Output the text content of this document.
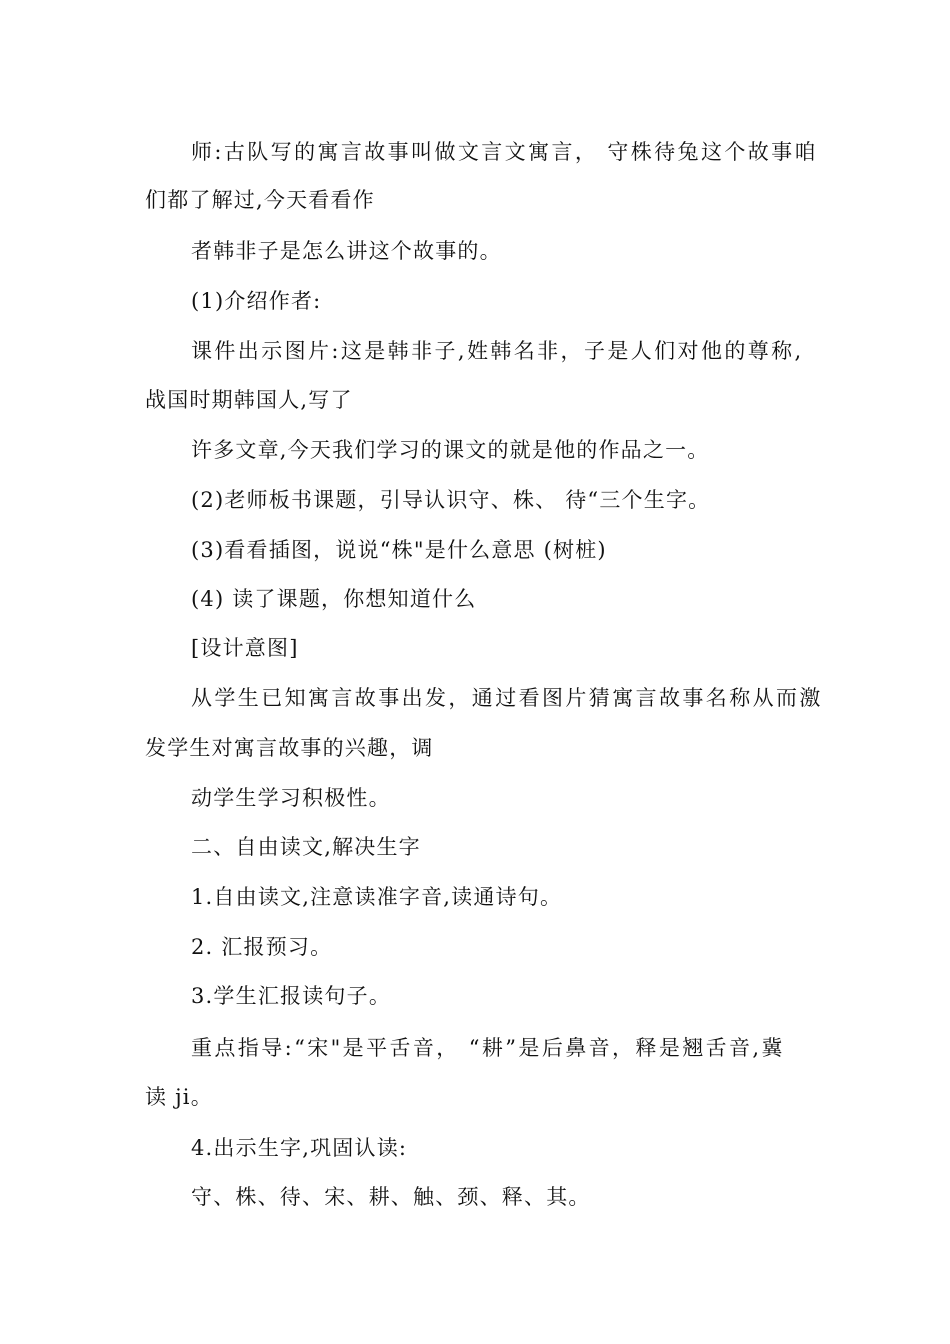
师:古队写的寓言故事叫做文言文寓言， 守株待兔这个故事咱
们都了解过,今天看看作
者韩非子是怎么讲这个故事的。
(1)介绍作者:
课件出示图片:这是韩非子,姓韩名非，子是人们对他的尊称,
战国时期韩国人,写了
许多文章,今天我们学习的课文的就是他的作品之一。
(2)老师板书课题，引导认识守、株、 待“三个生字。
(3)看看插图，说说“株"是什么意思 (树桩)
(4) 读了课题，你想知道什么
[设计意图]
从学生已知寓言故事出发，通过看图片猜寓言故事名称从而激
发学生对寓言故事的兴趣，调
动学生学习积极性。
二、自由读文,解决生字
1.自由读文,注意读准字音,读通诗句。
2. 汇报预习。
3.学生汇报读句子。
重点指导:“宋"是平舌音， “耕”是后鼻音，释是翘舌音,冀
读 ji。
4.出示生字,巩固认读:
守、株、待、宋、耕、触、颈、释、其。
